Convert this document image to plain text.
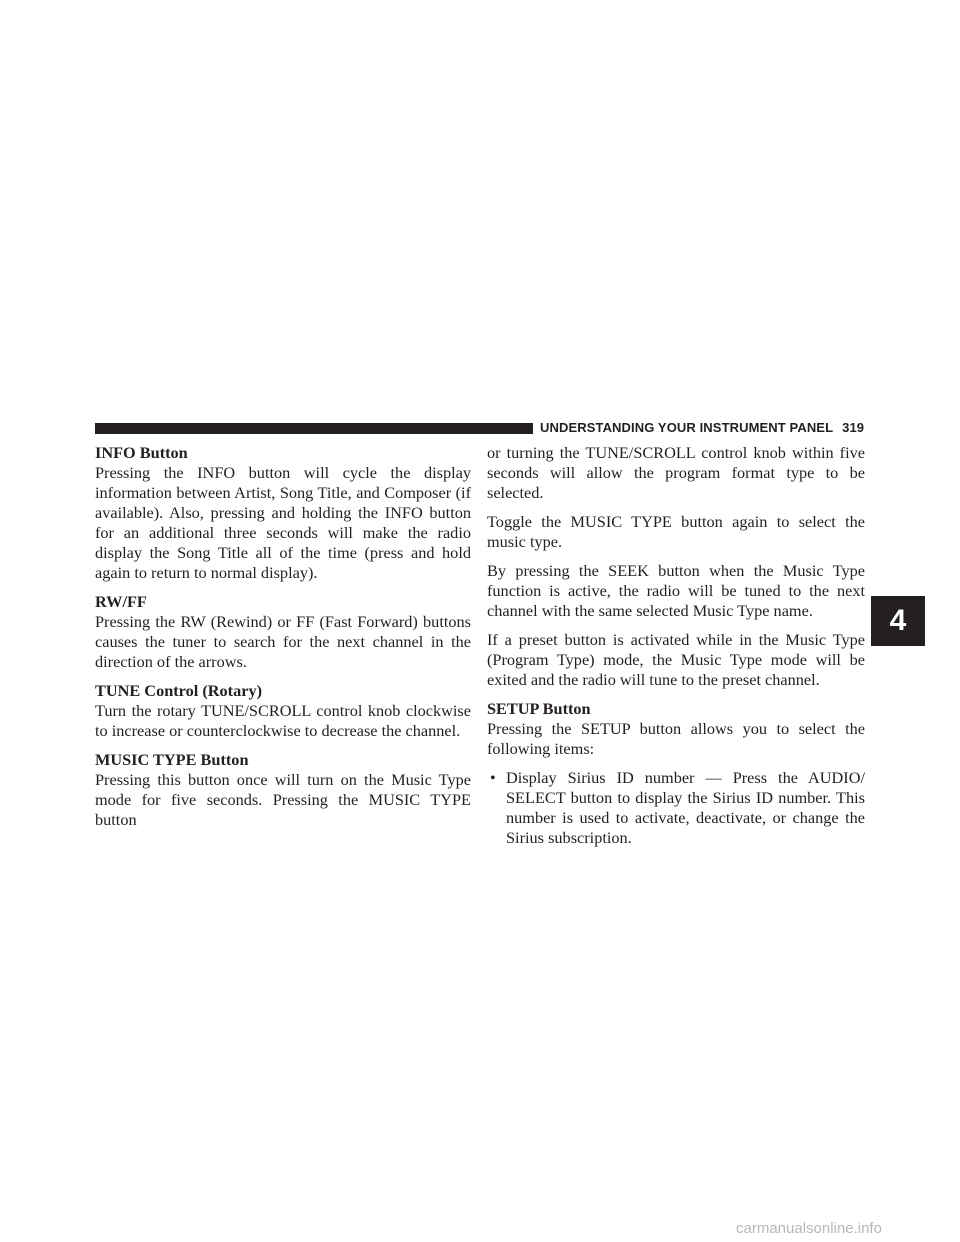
UNDERSTANDING YOUR INSTRUMENT PANEL 319
INFO Button

Pressing the INFO button will cycle the display information between Artist, Song Title, and Composer (if available). Also, pressing and holding the INFO button for an additional three seconds will make the radio display the Song Title all of the time (press and hold again to return to normal display).

RW/FF

Pressing the RW (Rewind) or FF (Fast Forward) buttons causes the tuner to search for the next channel in the direction of the arrows.

TUNE Control (Rotary)

Turn the rotary TUNE/SCROLL control knob clockwise to increase or counterclockwise to decrease the channel.

MUSIC TYPE Button

Pressing this button once will turn on the Music Type mode for five seconds. Pressing the MUSIC TYPE button

or turning the TUNE/SCROLL control knob within five seconds will allow the program format type to be selected.

Toggle the MUSIC TYPE button again to select the music type.

By pressing the SEEK button when the Music Type function is active, the radio will be tuned to the next channel with the same selected Music Type name.

If a preset button is activated while in the Music Type (Program Type) mode, the Music Type mode will be exited and the radio will tune to the preset channel.

SETUP Button

Pressing the SETUP button allows you to select the following items:

• Display Sirius ID number — Press the AUDIO/ SELECT button to display the Sirius ID number. This number is used to activate, deactivate, or change the Sirius subscription.
4
carmanualsonline.info
